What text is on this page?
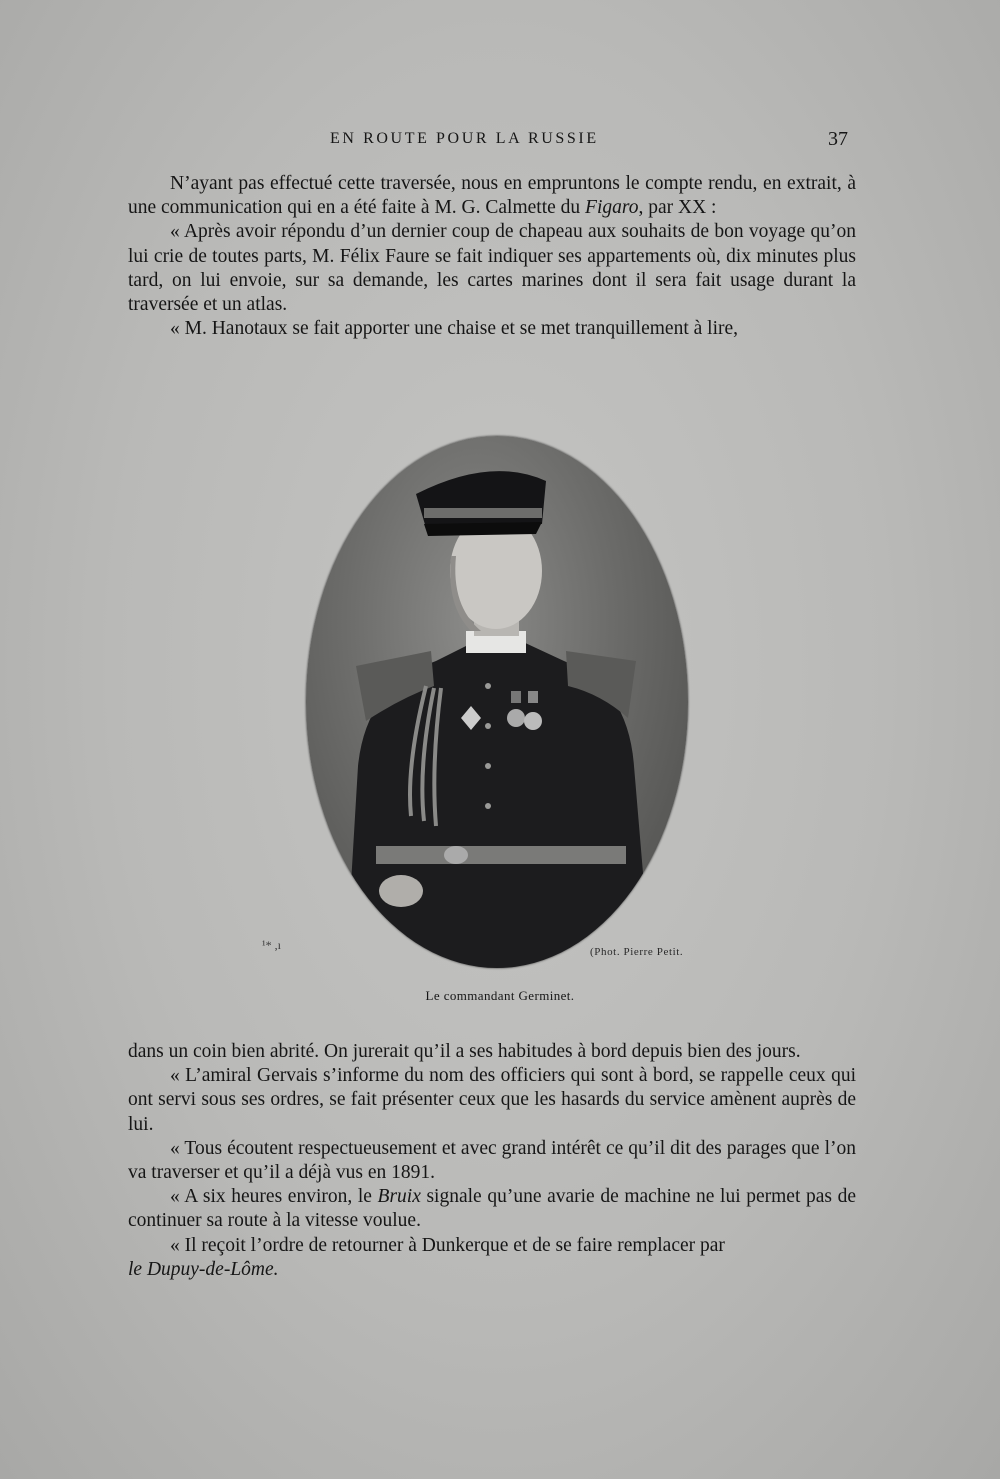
EN ROUTE POUR LA RUSSIE	37

N’ayant pas effectué cette traversée, nous en empruntons le compte rendu, en extrait, à une communication qui en a été faite à M. G. Calmette du Figaro, par XX :

« Après avoir répondu d’un dernier coup de chapeau aux souhaits de bon voyage qu’on lui crie de toutes parts, M. Félix Faure se fait indiquer ses appartements où, dix minutes plus tard, on lui envoie, sur sa demande, les cartes marines dont il sera fait usage durant la traversée et un atlas.

« M. Hanotaux se fait apporter une chaise et se met tranquillement à lire,

¹* ,ı	(Phot. Pierre Petit.
Le commandant Germinet.

dans un coin bien abrité. On jurerait qu’il a ses habitudes à bord depuis bien des jours.

« L’amiral Gervais s’informe du nom des officiers qui sont à bord, se rappelle ceux qui ont servi sous ses ordres, se fait présenter ceux que les hasards du service amènent auprès de lui.

« Tous écoutent respectueusement et avec grand intérêt ce qu’il dit des parages que l’on va traverser et qu’il a déjà vus en 1891.

« A six heures environ, le Bruix signale qu’une avarie de machine ne lui permet pas de continuer sa route à la vitesse voulue.

« Il reçoit l’ordre de retourner à Dunkerque et de se faire remplacer par

le Dupuy-de-Lôme.
